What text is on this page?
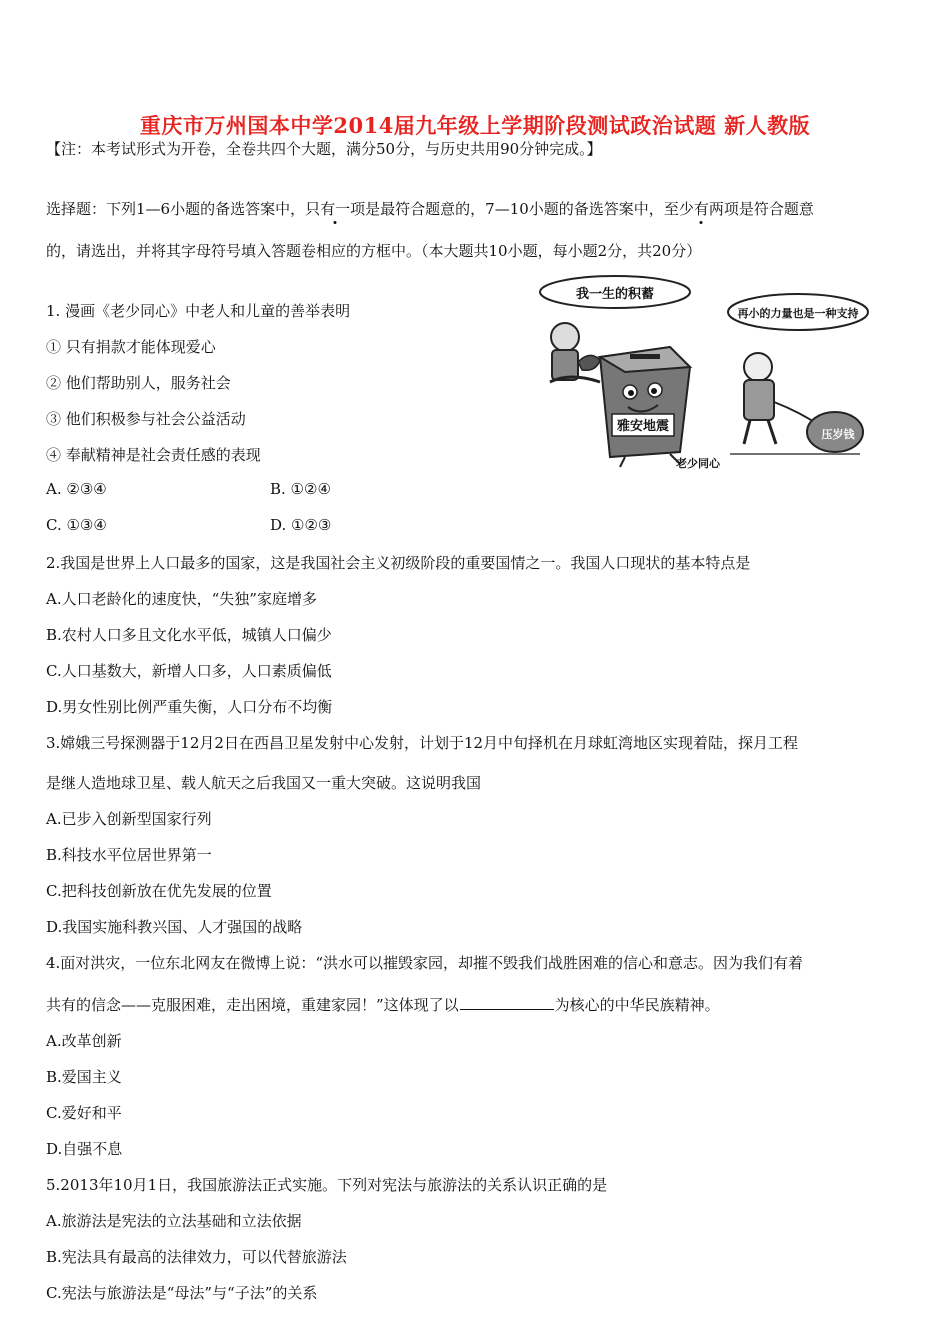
重庆市万州国本中学2014届九年级上学期阶段测试政治试题 新人教版
【注：本考试形式为开卷，全卷共四个大题，满分50分，与历史共用90分钟完成。】
选择题：下列1—6小题的备选答案中，只有一项是最符合题意的，7—10小题的备选答案中，至少有两项是符合题意
的，请选出，并将其字母符号填入答题卷相应的方框中。（本大题共10小题，每小题2分，共20分）
我一生的积蓄
再小的力量也是一种支持
雅安地震
压岁钱
老少同心
1. 漫画《老少同心》中老人和儿童的善举表明
① 只有捐款才能体现爱心
② 他们帮助别人，服务社会
③ 他们积极参与社会公益活动
④ 奉献精神是社会责任感的表现
A. ②③④	B. ①②④
C. ①③④	D. ①②③
2.我国是世界上人口最多的国家，这是我国社会主义初级阶段的重要国情之一。我国人口现状的基本特点是
A.人口老龄化的速度快，“失独”家庭增多
B.农村人口多且文化水平低，城镇人口偏少
C.人口基数大，新增人口多，人口素质偏低
D.男女性别比例严重失衡，人口分布不均衡
3.嫦娥三号探测器于12月2日在西昌卫星发射中心发射，计划于12月中旬择机在月球虹湾地区实现着陆，探月工程
是继人造地球卫星、载人航天之后我国又一重大突破。这说明我国
A.已步入创新型国家行列
B.科技水平位居世界第一
C.把科技创新放在优先发展的位置
D.我国实施科教兴国、人才强国的战略
4.面对洪灾，一位东北网友在微博上说：“洪水可以摧毁家园，却摧不毁我们战胜困难的信心和意志。因为我们有着
共有的信念——克服困难，走出困境，重建家园！”这体现了以	为核心的中华民族精神。
A.改革创新
B.爱国主义
C.爱好和平
D.自强不息
5.2013年10月1日，我国旅游法正式实施。下列对宪法与旅游法的关系认识正确的是
A.旅游法是宪法的立法基础和立法依据
B.宪法具有最高的法律效力，可以代替旅游法
C.宪法与旅游法是“母法”与“子法”的关系
